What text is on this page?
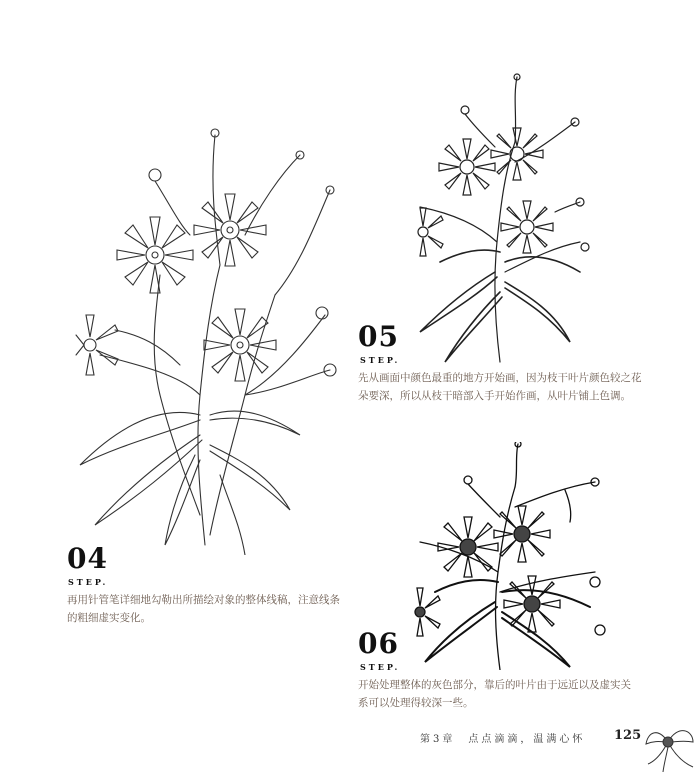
04
STEP.
再用针管笔详细地勾勒出所描绘对象的整体线稿，注意线条
的粗细虚实变化。
05
STEP.
先从画面中颜色最重的地方开始画，因为枝干叶片颜色较之花
朵要深，所以从枝干暗部入手开始作画，从叶片铺上色调。
06
STEP.
开始处理整体的灰色部分，靠后的叶片由于远近以及虚实关
系可以处理得较深一些。
第3章　点点滴滴，温满心怀 125
